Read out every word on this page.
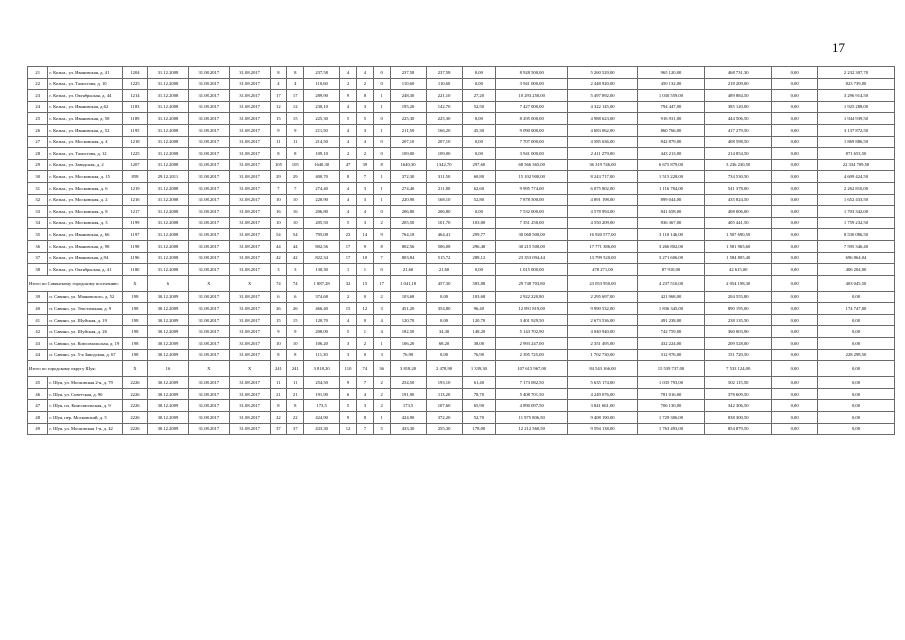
17
21	г. Козьм., ул. Ивановская, д. 41	1204	31.12.2008	31.08.2017	31.08.2017	8	8	237,58	4	4	0	237,58	237,58	0,00	8 928 500,00	5 260 529,00	965 120,00	468 731,30	0,00	2 232 307,70
22	г. Козьм., ул. Тахистова, д. 10	1225	31.12.2008	31.08.2017	31.08.2017	4	4	110,60	2	2	0	110,60	110,60	0,00	3 941 000,00	2 448 920,00	450 132,00	218 209,00	0,00	823 739,00
23	г. Козьм., ул. Октябрьская, д. 44	1214	31.12.2008	31.08.2017	31.08.2017	17	17	289,90	9	8	1	248,30	221,10	27,20	10 293 250,00	5 497 892,00	1 030 559,00	489 884,50	0,00	3 296 914,50
24	г. Козьм., ул. Ивановская, д.62	1183	31.12.2008	31.08.2017	31.08.2017	12	12	230,10	4	3	1	195,20	142,70	52,50	7 427 000,00	4 322 145,00	794 447,00	385 120,00	0,00	1 925 288,00
25	г. Козьм., ул. Ивановская, д. 58	1189	31.12.2008	31.08.2017	31.08.2017	15	15	225,30	5	5	0	225,30	225,30	0,00	8 295 000,00	4 988 623,00	916 931,00	444 506,50	0,00	1 944 939,50
26	г. Козьм., ул. Ивановская, д. 52	1195	31.12.2008	31.08.2017	31.08.2017	9	9	211,50	4	3	1	211,50	166,20	45,30	9 090 000,00	4 683 062,00	860 766,00	417 279,50	0,00	3 137 872,50
27	г. Козьм., ул. Московская, д. 4	1218	31.12.2008	31.08.2017	31.08.2017	11	11	214,50	4	4	0	207,10	207,10	0,00	7 707 000,00	4 585 636,00	842 879,00	408 598,50	0,00	1 869 886,50
28	г. Козьм., ул. Тахистова, д. 12	1225	31.12.2008	31.08.2017	31.08.2017	8	8	109,10	2	2	0	109,00	109,00	0,00	3 941 000,00	2 411 279,00	443 213,00	214 854,50	0,00	871 653,50
29	г. Козьм., ул. Заводская, д. 2	1207	31.12.2008	31.08.2017	31.08.2017	105	105	1640,30	47	39	8	1640,30	1342,70	297,60	68 566 365,00	36 319 746,00	6 675 879,00	3 236 230,50	0,00	22 334 709,50
30	г. Козьм., ул. Московская, д. 15	858	29.12.2011	31.08.2017	31.08.2017	29	29	400,70	8	7	1	372,30	311,50	60,80	15 102 900,00	8 243 717,00	1 515 228,00	734 530,50	0,00	4 609 424,50
31	г. Козьм., ул. Московская, д. 6	1219	31.12.2008	31.08.2017	31.08.2017	7	7	274,40	4	3	1	274,40	211,80	62,60	9 995 774,00	6 075 802,00	1 116 784,00	541 378,00	0,00	2 262 810,00
32	г. Козьм., ул. Московская, д. 2	1216	31.12.2008	31.08.2017	31.08.2017	10	10	220,90	4	3	1	220,90	168,10	52,80	7 878 500,00	4 891 198,00	899 044,00	435 824,50	0,00	1 652 433,50
33	г. Козьм., ул. Московская, д. 8	1217	31.12.2008	31.08.2017	31.08.2017	16	16	206,80	4	4	0	206,80	206,80	0,00	7 532 000,00	4 578 994,00	841 658,00	408 006,00	0,00	1 703 342,00
34	г. Козьм., ул. Московская, д. 3	1199	31.12.2008	31.08.2017	31.08.2017	10	10	205,50	5	3	2	205,50	101,70	103,80	7 351 250,00	4 550 209,00	836 367,00	405 441,50	0,00	1 759 232,50
35	г. Козьм., ул. Ивановская, д. 66	1197	31.12.2008	31.08.2017	31.08.2017	54	54	795,08	23	14	9	764,18	464,41	299,77	30 068 500,00	16 920 577,00	3 110 146,00	1 507 690,50	0,00	8 530 086,50
36	г. Козьм., ул. Ивановская, д. 98	1198	31.12.2008	31.08.2017	31.08.2017	44	44	802,56	17	9	8	802,56	506,08	296,48	30 215 500,00	17 771 386,00	3 266 802,00	1 581 965,60	0,00	7 595 346,40
37	г. Козьм., ул. Ивановская, д.94	1196	31.12.2008	31.08.2017	31.08.2017	42	42	822,34	17	10	7	803,84	515,72	288,12	23 353 094,44	13 799 520,00	3 271 606,00	1 584 805,40	0,00	696 864,04
38	г. Козьм., ул. Октябрьская, д. 41	1180	31.12.2008	31.08.2017	31.08.2017	3	3	130,30	1	1	0	21,60	21,60	0,00	1 015 000,00	478 271,00	87 910,00	42 615,00	0,00	406 204,00
Итого по Савинскому городскому поселению:		X	6	X	X	74	74	1 887,28	32	15	17	1 041,18	457,30	583,88	29 748 703,80	23 053 950,00	4 237 510,00	2 054 198,30	0,00	403 045,50
39	п. Савино, ул. Маяковского, д. 52	198	30.12.2009	31.08.2017	31.08.2017	6	6	374,68	2	0	2	103,68	0,00	103,68	2 922 220,80	2 295 697,00	421 968,00	204 555,80	0,00	0,00
40	п. Савино, ул. Текстильная, д. 9	198	30.12.2009	31.08.2017	31.08.2017	26	26	466,40	15	12	3	451,20	354,80	96,40	12 891 819,00	9 990 532,00	1 836 345,00	890 195,00	0,00	174 747,00
41	п. Савино, ул. Шуйская, д. 19	198	30.12.2009	31.08.2017	31.08.2017	15	15	120,70	4	0	4	120,70	0,00	120,70	3 401 929,50	2 673 536,00	491 238,00	238 135,50	0,00	0,00
42	п. Савино, ул. Шуйская, д. 26	198	30.12.2009	31.08.2017	31.08.2017	9	9	208,00	5	1	4	182,50	34,30	148,20	5 143 702,90	4 040 940,00	742 759,00	360 003,90	0,00	0,00
43	п. Савино, ул. Комсомольская, д. 19	198	30.12.2009	31.08.2017	31.08.2017	10	10	106,20	3	2	1	106,20	68,20	38,00	2 993 247,00	2 351 495,00	432 224,00	209 528,00	0,00	0,00
44	п. Савино, ул. 5-я Заводская, д. 67	198	30.12.2009	31.08.2017	31.08.2017	8	8	111,30	3	0	3	76,90	0,00	76,90	2 395 725,00	1 702 730,00	312 976,00	151 720,50	0,00	228 298,50
Итого по городскому округу Шуя:		X	16	X	X	241	241	3 818,20	110	74	36	3 818,20	2 478,90	1 339,30	107 615 967,00	84 543 166,00	15 539 737,00	7 533 124,00	0,00	0,00
45	г. Шуя, ул. Московская 2-я, д. 79	2226	30.12.2009	31.08.2017	31.08.2017	11	11	254,50	9	7	2	254,50	193,10	61,40	7 173 082,50	5 635 174,00	1 035 793,00	502 115,50	0,00	0,00
46	г. Шуя, ул. Советская, д. 90	2226	30.12.2009	31.08.2017	31.08.2017	21	21	191,90	6	4	2	191,90	113,20	78,70	5 408 701,50	4 249 076,00	781 016,00	378 609,50	0,00	0,00
47	г. Шуя, пл. Комсомольская, д. 9	2226	30.12.2009	31.08.2017	31.08.2017	8	8	173,5	5	3	2	173,5	107,60	65,90	4 890 097,50	3 841 661,00	706 130,00	342 306,50	0,00	0,00
48	г. Шуя, пер. Московский, д. 5	2226	30.12.2009	31.08.2017	31.08.2017	22	22	424,90	9	8	1	424,90	372,20	52,70	11 975 806,50	9 408 190,00	1 729 306,00	838 300,50	0,00	0,00
49	г. Шуя, ул. Московская 1-я, д. 42	2226	30.12.2009	31.08.2017	31.08.2017	37	37	433,30	12	7	5	433,30	255,30	178,00	12 212 560,50	9 594 138,00	1 763 493,00	854 879,50	0,00	0,00
